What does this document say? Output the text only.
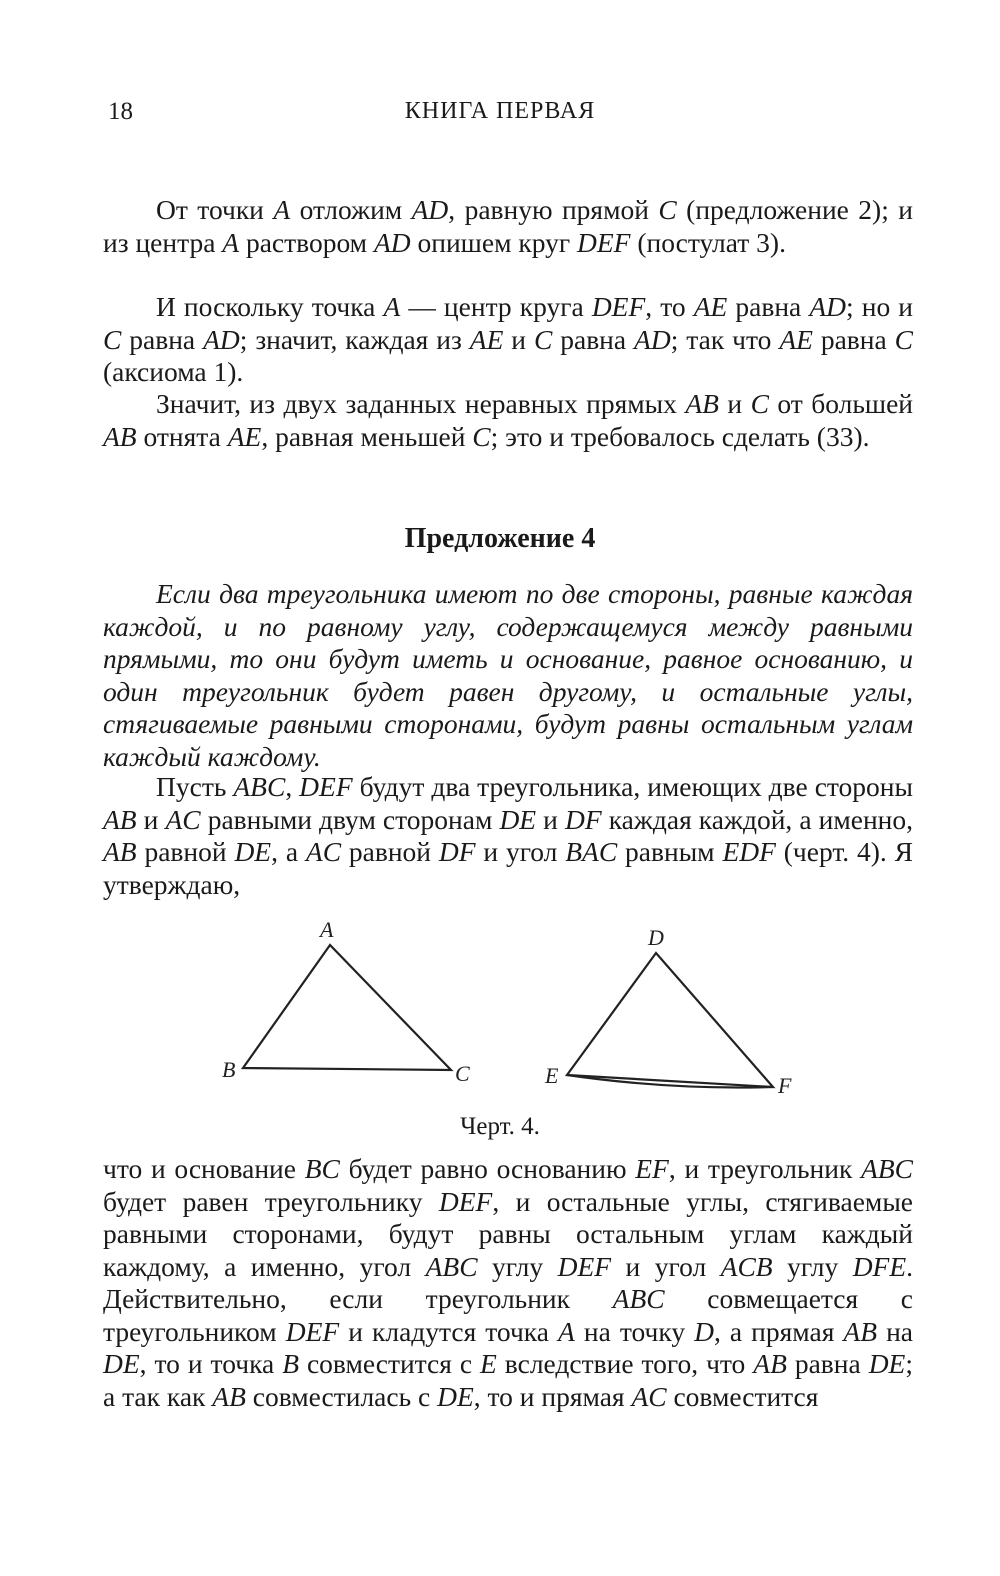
18	КНИГА ПЕРВАЯ

От точки A отложим AD, равную прямой C (предложение 2); и из центра A раствором AD опишем круг DEF (постулат 3).

И поскольку точка A — центр круга DEF, то AE равна AD; но и C равна AD; значит, каждая из AE и C равна AD; так что AE равна C (аксиома 1).

Значит, из двух заданных неравных прямых AB и C от большей AB отнята AE, равная меньшей C; это и требовалось сделать (33).

Предложение 4

Если два треугольника имеют по две стороны, равные каждая каждой, и по равному углу, содержащемуся между равными прямыми, то они будут иметь и основание, равное основанию, и один треугольник будет равен другому, и остальные углы, стягиваемые равными сторонами, будут равны остальным углам каждый каждому.

Пусть ABC, DEF будут два треугольника, имеющих две стороны AB и AC равными двум сторонам DE и DF каждая каждой, а именно, AB равной DE, а AC равной DF и угол BAC равным EDF (черт. 4). Я утверждаю,

A
B	C
D
E	F
Черт. 4.

что и основание BC будет равно основанию EF, и треугольник ABC будет равен треугольнику DEF, и остальные углы, стягиваемые равными сторонами, будут равны остальным углам каждый каждому, а именно, угол ABC углу DEF и угол ACB углу DFE. Действительно, если треугольник ABC совмещается с треугольником DEF и кладутся точка A на точку D, а прямая AB на DE, то и точка B совместится с E вследствие того, что AB равна DE; а так как AB совместилась с DE, то и прямая AC совместится
